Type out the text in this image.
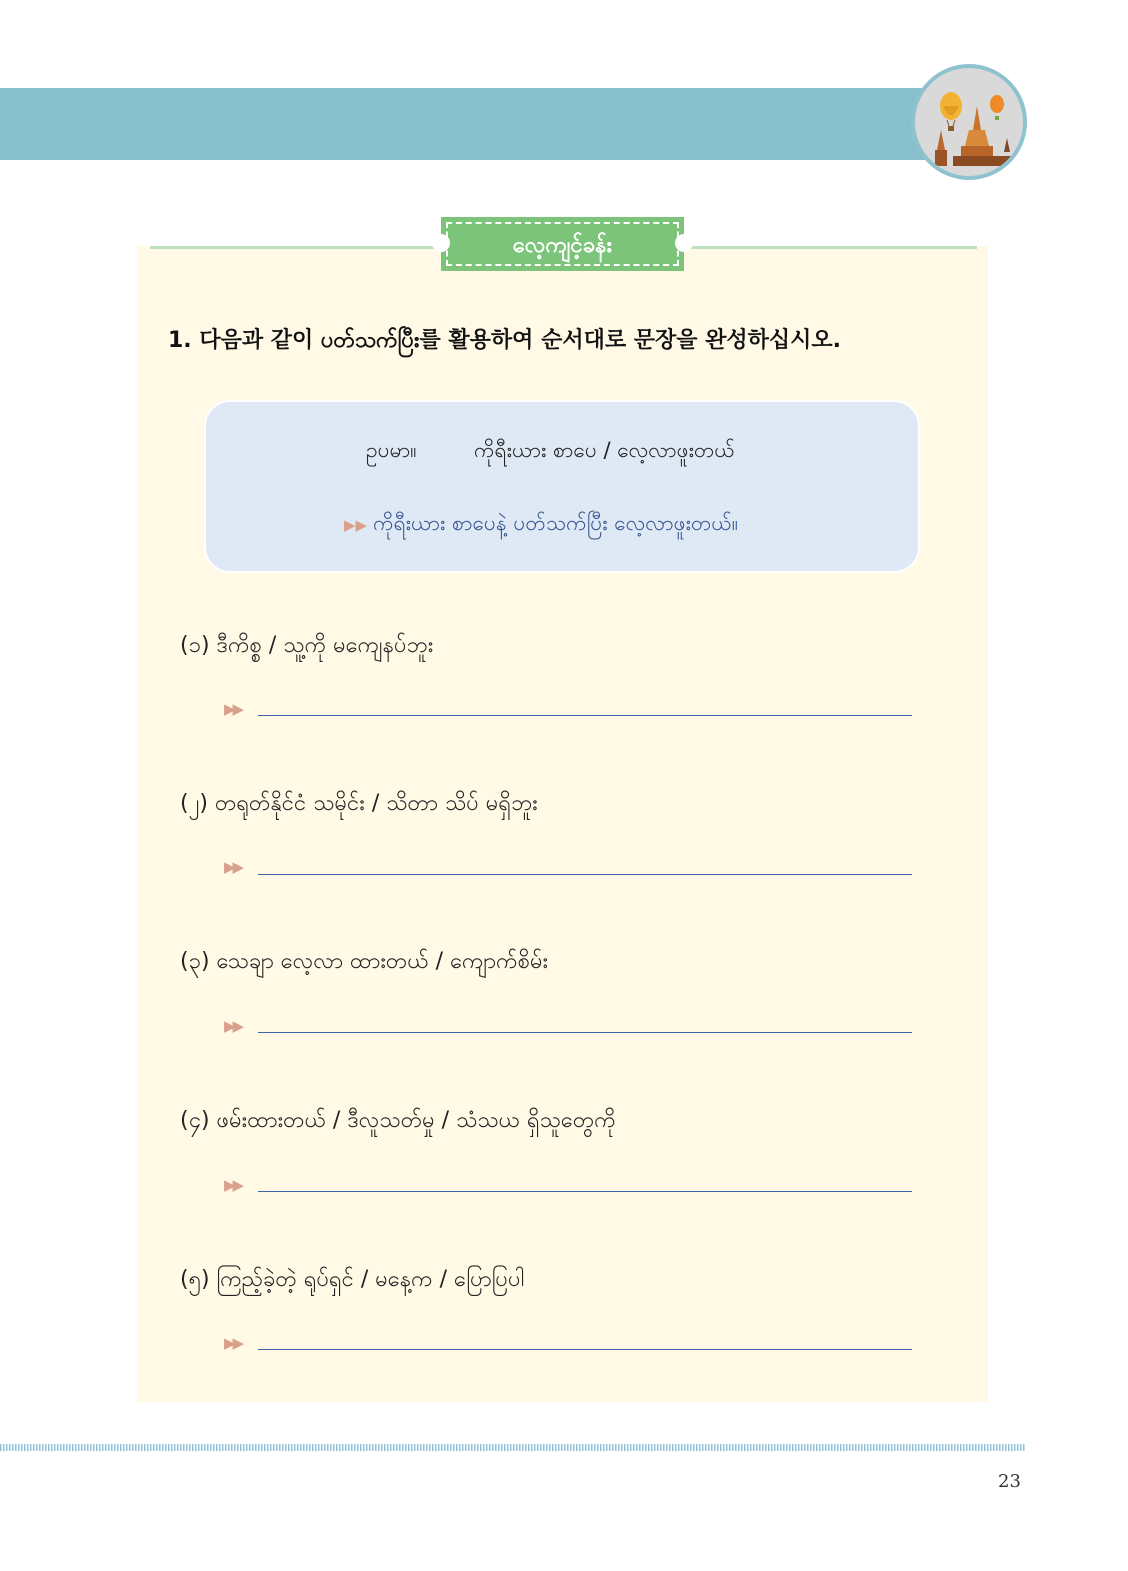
လေ့ကျင့်ခန်း
1. 다음과 같이 ပတ်သက်ပြီး를 활용하여 순서대로 문장을 완성하십시오.
ဥပမာ။	ကိုရီးယား စာပေ / လေ့လာဖူးတယ်
▶▶ ကိုရီးယား စာပေနဲ့ ပတ်သက်ပြီး လေ့လာဖူးတယ်။
(၁) ဒီကိစ္စ / သူ့ကို မကျေနပ်ဘူး
▶▶
(၂) တရုတ်နိုင်ငံ သမိုင်း / သိတာ သိပ် မရှိဘူး
▶▶
(၃) သေချာ လေ့လာ ထားတယ် / ကျောက်စိမ်း
▶▶
(၄) ဖမ်းထားတယ် / ဒီလူသတ်မှု / သံသယ ရှိသူတွေကို
▶▶
(၅) ကြည့်ခဲ့တဲ့ ရုပ်ရှင် / မနေ့က / ပြောပြပါ
▶▶
23
